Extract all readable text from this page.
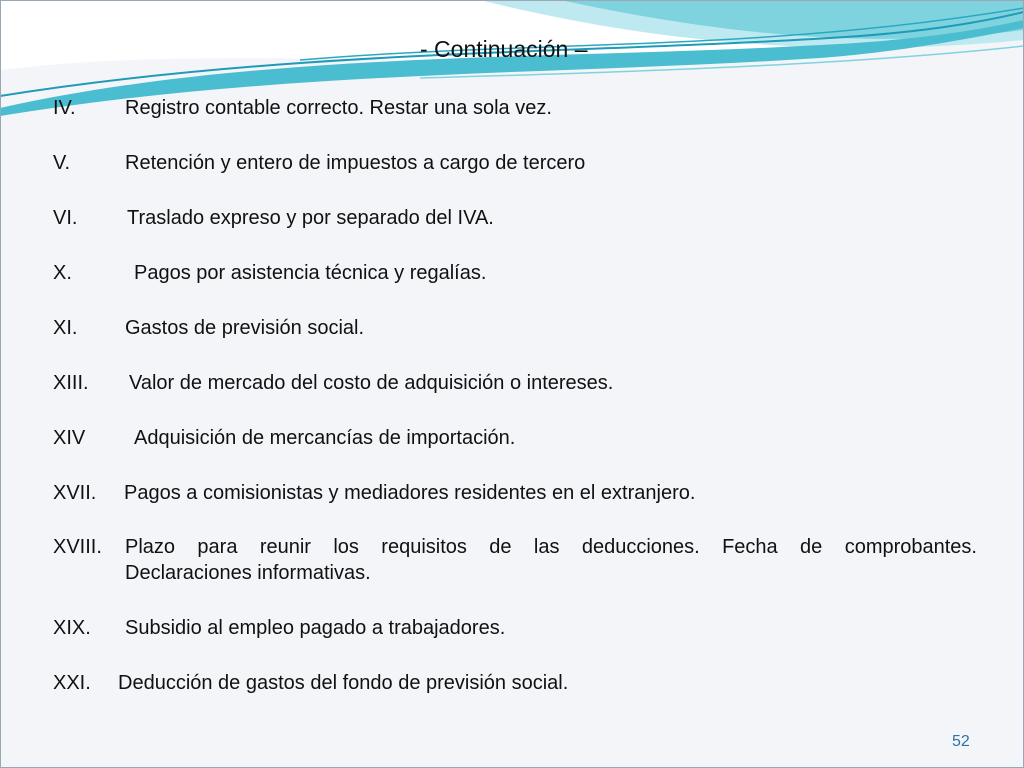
- Continuación –
IV. Registro contable correcto. Restar una sola vez.
V.	Retención y entero de impuestos a cargo de tercero
VI. Traslado expreso y por separado del IVA.
X.	Pagos por asistencia técnica y regalías.
XI. Gastos de previsión social.
XIII. Valor de mercado del costo de adquisición o intereses.
XIV Adquisición de mercancías de importación.
XVII. Pagos a comisionistas y mediadores residentes en el extranjero.
XVIII. Plazo para reunir los requisitos de las deducciones. Fecha de comprobantes.
Declaraciones informativas.
XIX. Subsidio al empleo pagado a trabajadores.
XXI. Deducción de gastos del fondo de previsión social.
52
